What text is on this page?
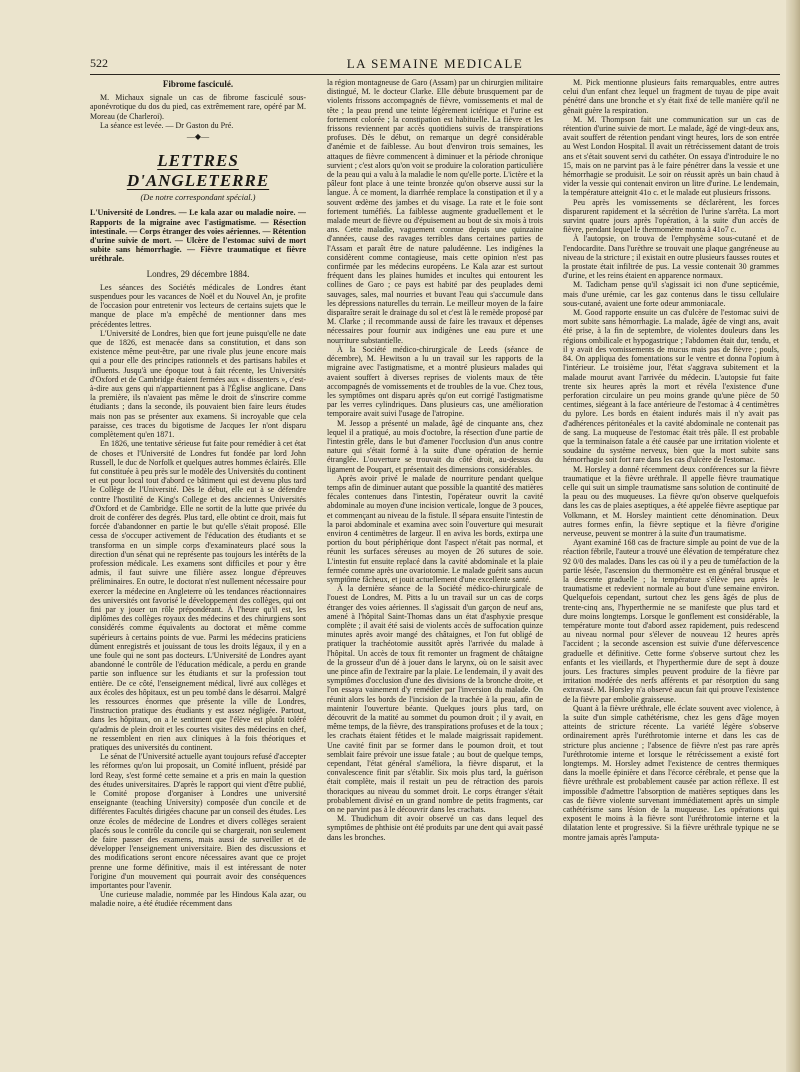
522	LA SEMAINE MEDICALE
Fibrome fasciculé.

M. Michaux signale un cas de fibrome fasciculé sous-aponévrotique du dos du pied, cas extrêmement rare, opéré par M. Moreau (de Charleroi).

La séance est levée. — Dr Gaston du Pré.

—◆—
LETTRES D'ANGLETERRE
(De notre correspondant spécial.)

L'Université de Londres. — Le kala azar ou maladie noire. — Rapports de la migraine avec l'astigmatisme. — Résection intestinale. — Corps étranger des voies aériennes. — Rétention d'urine suivie de mort. — Ulcère de l'estomac suivi de mort subite sans hémorrhagie. — Fièvre traumatique et fièvre uréthrale.

Londres, 29 décembre 1884.

Les séances des Sociétés médicales de Londres étant suspendues pour les vacances de Noël et du Nouvel An, je profite de l'occasion pour entretenir vos lecteurs de certains sujets que le manque de place m'a empêché de mentionner dans mes précédentes lettres.

L'Université de Londres, bien que fort jeune puisqu'elle ne date que de 1826, est menacée dans sa constitution, et dans son existence même peut-être, par une rivale plus jeune encore mais qui a pour elle des principes rationnels et des partisans habiles et influents. Jusqu'à une époque tout à fait récente, les Universités d'Oxford et de Cambridge étaient fermées aux « dissenters », c'est-à-dire aux gens qui n'appartiennent pas à l'Église anglicane. Dans la première, ils n'avaient pas même le droit de s'inscrire comme étudiants ; dans la seconde, ils pouvaient bien faire leurs études mais non pas se présenter aux examens. Si incroyable que cela paraisse, ces traces du bigotisme de Jacques Ier n'ont disparu complètement qu'en 1871.

En 1826, une tentative sérieuse fut faite pour remédier à cet état de choses et l'Université de Londres fut fondée par lord John Russell, le duc de Norfolk et quelques autres hommes éclairés. Elle fut constituée à peu près sur le modèle des Universités du continent et eut pour local tout d'abord ce bâtiment qui est devenu plus tard le Collège de l'Université. Dès le début, elle eut à se défendre contre l'hostilité de King's College et des anciennes Universités d'Oxford et de Cambridge. Elle ne sortit de la lutte que privée du droit de conférer des degrés. Plus tard, elle obtint ce droit, mais fut forcée d'abandonner en partie le but qu'elle s'était proposé. Elle cessa de s'occuper activement de l'éducation des étudiants et se transforma en un simple corps d'examinateurs placé sous la direction d'un sénat qui ne représente pas toujours les intérêts de la profession médicale. Les examens sont difficiles et pour y être admis, il faut suivre une filière assez longue d'épreuves préliminaires. En outre, le doctorat n'est nullement nécessaire pour exercer la médecine en Angleterre où les tendances réactionnaires des universités ont favorisé le développement des collèges, qui ont fini par y jouer un rôle prépondérant. À l'heure qu'il est, les diplômes des collèges royaux des médecins et des chirurgiens sont considérés comme équivalents au doctorat et même comme supérieurs à certains points de vue. Parmi les médecins praticiens dûment enregistrés et jouissant de tous les droits légaux, il y en a une foule qui ne sont pas docteurs. L'Université de Londres ayant abandonné le contrôle de l'éducation médicale, a perdu en grande partie son influence sur les étudiants et sur la profession tout entière. De ce côté, l'enseignement médical, livré aux collèges et aux écoles des hôpitaux, est un peu tombé dans le désarroi. Malgré les ressources énormes que présente la ville de Londres, l'instruction pratique des étudiants y est assez négligée. Partout, dans les hôpitaux, on a le sentiment que l'élève est plutôt toléré qu'admis de plein droit et les courtes visites des médecins en chef, ne ressemblent en rien aux cliniques à la fois théoriques et pratiques des universités du continent.

Le sénat de l'Université actuelle ayant toujours refusé d'accepter les réformes qu'on lui proposait, un Comité influent, présidé par lord Reay, s'est formé cette semaine et a pris en main la question des études universitaires. D'après le rapport qui vient d'être publié, le Comité propose d'organiser à Londres une université enseignante (teaching University) composée d'un concile et de différentes Facultés dirigées chacune par un conseil des études. Les onze écoles de médecine de Londres et divers collèges seraient placés sous le contrôle du concile qui se chargerait, non seulement de faire passer des examens, mais aussi de surveiller et de développer l'enseignement universitaire. Bien des discussions et des modifications seront encore nécessaires avant que ce projet prenne une forme définitive, mais il est intéressant de noter l'origine d'un mouvement qui pourrait avoir des conséquences importantes pour l'avenir.

Une curieuse maladie, nommée par les Hindous Kala azar, ou maladie noire, a été étudiée récemment dans

la région montagneuse de Garo (Assam) par un chirurgien militaire distingué, M. le docteur Clarke. Elle débute brusquement par de violents frissons accompagnés de fièvre, vomissements et mal de tête ; la peau prend une teinte légèrement ictérique et l'urine est fortement colorée ; la constipation est habituelle. La fièvre et les frissons reviennent par accès quotidiens suivis de transpirations profuses. Dès le début, on remarque un degré considérable d'anémie et de faiblesse. Au bout d'environ trois semaines, les attaques de fièvre commencent à diminuer et la période chronique survient ; c'est alors qu'on voit se produire la coloration particulière de la peau qui a valu à la maladie le nom qu'elle porte. L'ictère et la pâleur font place à une teinte bronzée qu'on observe aussi sur la langue. À ce moment, la diarrhée remplace la constipation et il y a souvent œdème des jambes et du visage. La rate et le foie sont fortement tuméfiés. La faiblesse augmente graduellement et le malade meurt de fièvre ou d'épuisement au bout de six mois à trois ans. Cette maladie, vaguement connue depuis une quinzaine d'années, cause des ravages terribles dans certaines parties de l'Assam et paraît être de nature paludéenne. Les indigènes la considèrent comme contagieuse, mais cette opinion n'est pas confirmée par les médecins européens. Le Kala azar est surtout fréquent dans les plaines humides et incultes qui entourent les collines de Garo ; ce pays est habité par des peuplades demi sauvages, sales, mal nourries et buvant l'eau qui s'accumule dans les dépressions naturelles du terrain. Le meilleur moyen de la faire disparaître serait le drainage du sol et c'est là le remède proposé par M. Clarke ; il recommande aussi de faire les travaux et dépenses nécessaires pour fournir aux indigènes une eau pure et une nourriture substantielle.

À la Société médico-chirurgicale de Leeds (séance de décembre), M. Hewitson a lu un travail sur les rapports de la migraine avec l'astigmatisme, et a montré plusieurs malades qui avaient souffert à diverses reprises de violents maux de tête accompagnés de vomissements et de troubles de la vue. Chez tous, les symptômes ont disparu après qu'on eut corrigé l'astigmatisme par les verres cylindriques. Dans plusieurs cas, une amélioration temporaire avait suivi l'usage de l'atropine.

M. Jessop a présenté un malade, âgé de cinquante ans, chez lequel il a pratiqué, au mois d'octobre, la résection d'une partie de l'intestin grêle, dans le but d'amener l'occlusion d'un anus contre nature qui s'était formé à la suite d'une opération de hernie étranglée. L'ouverture se trouvait du côté droit, au-dessus du ligament de Poupart, et présentait des dimensions considérables.

Après avoir privé le malade de nourriture pendant quelque temps afin de diminuer autant que possible la quantité des matières fécales contenues dans l'intestin, l'opérateur ouvrit la cavité abdominale au moyen d'une incision verticale, longue de 3 pouces, et commençant au niveau de la fistule. Il sépara ensuite l'intestin de la paroi abdominale et examina avec soin l'ouverture qui mesurait environ 4 centimètres de largeur. Il en aviva les bords, extirpa une portion du bout périphérique dont l'aspect n'était pas normal, et réunit les surfaces séreuses au moyen de 26 sutures de soie. L'intestin fut ensuite replacé dans la cavité abdominale et la plaie fermée comme après une ovariotomie. Le malade guérit sans aucun symptôme fâcheux, et jouit actuellement d'une excellente santé.

À la dernière séance de la Société médico-chirurgicale de l'ouest de Londres, M. Pitts a lu un travail sur un cas de corps étranger des voies aériennes. Il s'agissait d'un garçon de neuf ans, amené à l'hôpital Saint-Thomas dans un état d'asphyxie presque complète ; il avait été saisi de violents accès de suffocation quinze minutes après avoir mangé des châtaignes, et l'on fut obligé de pratiquer la trachéotomie aussitôt après l'arrivée du malade à l'hôpital. Un accès de toux fit remonter un fragment de châtaigne de la grosseur d'un dé à jouer dans le larynx, où on le saisit avec une pince afin de l'extraire par la plaie. Le lendemain, il y avait des symptômes d'occlusion d'une des divisions de la bronche droite, et l'on essaya vainement d'y remédier par l'inversion du malade. On réunit alors les bords de l'incision de la trachée à la peau, afin de maintenir l'ouverture béante. Quelques jours plus tard, on découvrit de la matité au sommet du poumon droit ; il y avait, en même temps, de la fièvre, des transpirations profuses et de la toux ; les crachats étaient fétides et le malade maigrissait rapidement. Une cavité finit par se former dans le poumon droit, et tout semblait faire prévoir une issue fatale ; au bout de quelque temps, cependant, l'état général s'améliora, la fièvre disparut, et la convalescence finit par s'établir. Six mois plus tard, la guérison était complète, mais il restait un peu de rétraction des parois thoraciques au niveau du sommet droit. Le corps étranger s'était probablement divisé en un grand nombre de petits fragments, car on ne parvint pas à le découvrir dans les crachats.

M. Thudichum dit avoir observé un cas dans lequel des symptômes de phthisie ont été produits par une dent qui avait passé dans les bronches.

M. Pick mentionne plusieurs faits remarquables, entre autres celui d'un enfant chez lequel un fragment de tuyau de pipe avait pénétré dans une bronche et s'y était fixé de telle manière qu'il ne gênait guère la respiration.

M. M. Thompson fait une communication sur un cas de rétention d'urine suivie de mort. Le malade, âgé de vingt-deux ans, avait souffert de rétention pendant vingt heures, lors de son entrée au West London Hospital. Il avait un rétrécissement datant de trois ans et s'était souvent servi du cathéter. On essaya d'introduire le no 15, mais on ne parvint pas à le faire pénétrer dans la vessie et une hémorrhagie se produisit. Le soir on réussit après un bain chaud à vider la vessie qui contenait environ un litre d'urine. Le lendemain, la température atteignit 41o c. et le malade eut plusieurs frissons.

Peu après les vomissements se déclarèrent, les forces disparurent rapidement et la sécrétion de l'urine s'arrêta. La mort survint quatre jours après l'opération, à la suite d'un accès de fièvre, pendant lequel le thermomètre monta à 41o7 c.

À l'autopsie, on trouva de l'emphysème sous-cutané et de l'endocardite. Dans l'urèthre se trouvait une plaque gangréneuse au niveau de la stricture ; il existait en outre plusieurs fausses routes et la prostate était infiltrée de pus. La vessie contenait 30 grammes d'urine, et les reins étaient en apparence normaux.

M. Tadicham pense qu'il s'agissait ici non d'une septicémie, mais d'une urémie, car les gaz contenus dans le tissu cellulaire sous-cutané, avaient une forte odeur ammoniacale.

M. Good rapporte ensuite un cas d'ulcère de l'estomac suivi de mort subite sans hémorrhagie. La malade, âgée de vingt ans, avait été prise, à la fin de septembre, de violentes douleurs dans les régions ombilicale et hypogastrique ; l'abdomen était dur, tendu, et il y avait des vomissements de mucus mais pas de fièvre ; pouls, 84. On appliqua des fomentations sur le ventre et donna l'opium à l'intérieur. Le troisième jour, l'état s'aggrava subitement et la malade mourut avant l'arrivée du médecin. L'autopsie fut faite trente six heures après la mort et révéla l'existence d'une perforation circulaire un peu moins grande qu'une pièce de 50 centimes, siégeant à la face antérieure de l'estomac à 4 centimètres du pylore. Les bords en étaient indurés mais il n'y avait pas d'adhérences péritonéales et la cavité abdominale ne contenait pas de sang. La muqueuse de l'estomac était très pâle. Il est probable que la terminaison fatale a été causée par une irritation violente et soudaine du système nerveux, bien que la mort subite sans hémorrhagie soit fort rare dans les cas d'ulcère de l'estomac.

M. Horsley a donné récemment deux conférences sur la fièvre traumatique et la fièvre uréthrale. Il appelle fièvre traumatique celle qui suit un simple traumatisme sans solution de continuité de la peau ou des muqueuses. La fièvre qu'on observe quelquefois dans les cas de plaies aseptiques, a été appelée fièvre aseptique par Volkmann, et M. Horsley maintient cette dénomination. Deux autres formes enfin, la fièvre septique et la fièvre d'origine nerveuse, peuvent se montrer à la suite d'un traumatisme.

Ayant examiné 168 cas de fracture simple au point de vue de la réaction fébrile, l'auteur a trouvé une élévation de température chez 92 0/0 des malades. Dans les cas où il y a peu de tuméfaction de la partie lésée, l'ascension du thermomètre est en général brusque et la descente graduelle ; la température s'élève peu après le traumatisme et redevient normale au bout d'une semaine environ. Quelquefois cependant, surtout chez les gens âgés de plus de trente-cinq ans, l'hyperthermie ne se manifeste que plus tard et dure moins longtemps. Lorsque le gonflement est considérable, la température monte tout d'abord assez rapidement, puis redescend au niveau normal pour s'élever de nouveau 12 heures après l'accident ; la seconde ascension est suivie d'une défervescence graduelle et définitive. Cette forme s'observe surtout chez les enfants et les vieillards, et l'hyperthermie dure de sept à douze jours. Les fractures simples peuvent produire de la fièvre par irritation modérée des nerfs afférents et par résorption du sang extravasé. M. Horsley n'a observé aucun fait qui prouve l'existence de la fièvre par embolie graisseuse.

Quant à la fièvre uréthrale, elle éclate souvent avec violence, à la suite d'un simple cathétérisme, chez les gens d'âge moyen atteints de stricture récente. La variété légère s'observe ordinairement après l'uréthrotomie interne et dans les cas de stricture plus ancienne ; l'absence de fièvre n'est pas rare après l'uréthrotomie interne et lorsque le rétrécissement a existé fort longtemps. M. Horsley admet l'existence de centres thermiques dans la moelle épinière et dans l'écorce cérébrale, et pense que la fièvre uréthrale est probablement causée par action réflexe. Il est impossible d'admettre l'absorption de matières septiques dans les cas de fièvre violente survenant immédiatement après un simple cathétérisme sans lésion de la muqueuse. Les opérations qui exposent le moins à la fièvre sont l'uréthrotomie interne et la dilatation lente et progressive. Si la fièvre uréthrale typique ne se montre jamais après l'amputa-
